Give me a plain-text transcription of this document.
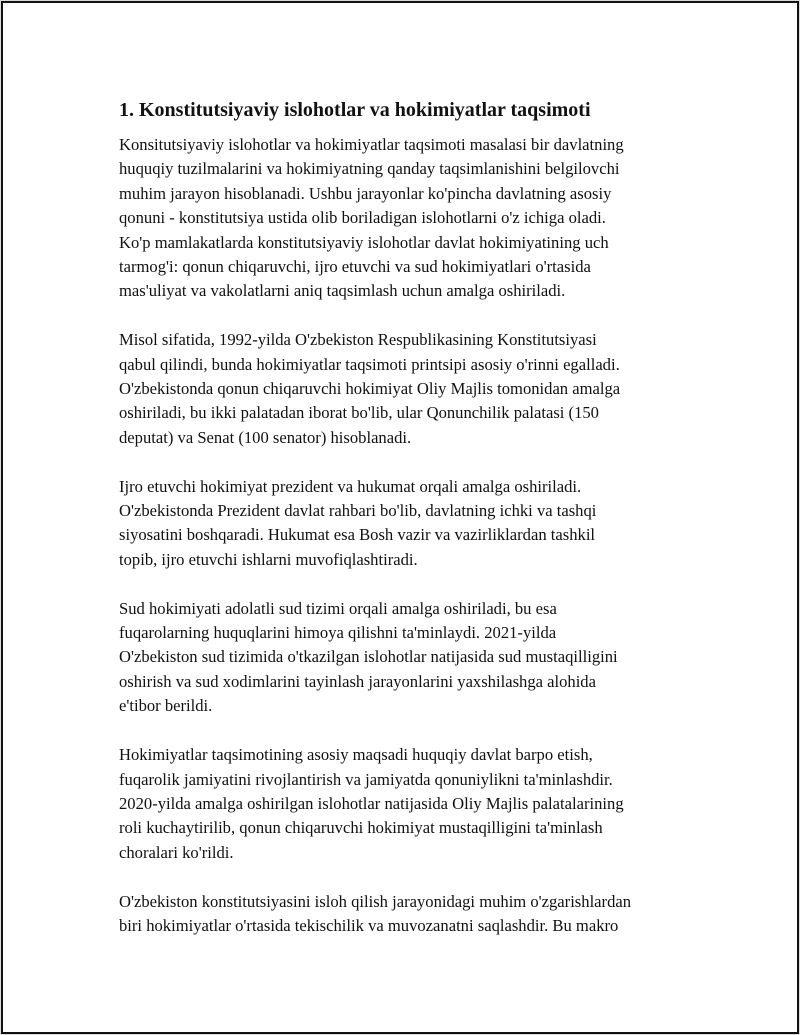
1. Konstitutsiyaviy islohotlar va hokimiyatlar taqsimoti

Konsitutsiyaviy islohotlar va hokimiyatlar taqsimoti masalasi bir davlatning
huquqiy tuzilmalarini va hokimiyatning qanday taqsimlanishini belgilovchi
muhim jarayon hisoblanadi. Ushbu jarayonlar ko'pincha davlatning asosiy
qonuni - konstitutsiya ustida olib boriladigan islohotlarni o'z ichiga oladi.
Ko'p mamlakatlarda konstitutsiyaviy islohotlar davlat hokimiyatining uch
tarmog'i: qonun chiqaruvchi, ijro etuvchi va sud hokimiyatlari o'rtasida
mas'uliyat va vakolatlarni aniq taqsimlash uchun amalga oshiriladi.

Misol sifatida, 1992-yilda O'zbekiston Respublikasining Konstitutsiyasi
qabul qilindi, bunda hokimiyatlar taqsimoti printsipi asosiy o'rinni egalladi.
O'zbekistonda qonun chiqaruvchi hokimiyat Oliy Majlis tomonidan amalga
oshiriladi, bu ikki palatadan iborat bo'lib, ular Qonunchilik palatasi (150
deputat) va Senat (100 senator) hisoblanadi.

Ijro etuvchi hokimiyat prezident va hukumat orqali amalga oshiriladi.
O'zbekistonda Prezident davlat rahbari bo'lib, davlatning ichki va tashqi
siyosatini boshqaradi. Hukumat esa Bosh vazir va vazirliklardan tashkil
topib, ijro etuvchi ishlarni muvofiqlashtiradi.

Sud hokimiyati adolatli sud tizimi orqali amalga oshiriladi, bu esa
fuqarolarning huquqlarini himoya qilishni ta'minlaydi. 2021-yilda
O'zbekiston sud tizimida o'tkazilgan islohotlar natijasida sud mustaqilligini
oshirish va sud xodimlarini tayinlash jarayonlarini yaxshilashga alohida
e'tibor berildi.

Hokimiyatlar taqsimotining asosiy maqsadi huquqiy davlat barpo etish,
fuqarolik jamiyatini rivojlantirish va jamiyatda qonuniylikni ta'minlashdir.
2020-yilda amalga oshirilgan islohotlar natijasida Oliy Majlis palatalarining
roli kuchaytirilib, qonun chiqaruvchi hokimiyat mustaqilligini ta'minlash
choralari ko'rildi.

O'zbekiston konstitutsiyasini isloh qilish jarayonidagi muhim o'zgarishlardan
biri hokimiyatlar o'rtasida tekischilik va muvozanatni saqlashdir. Bu makro
